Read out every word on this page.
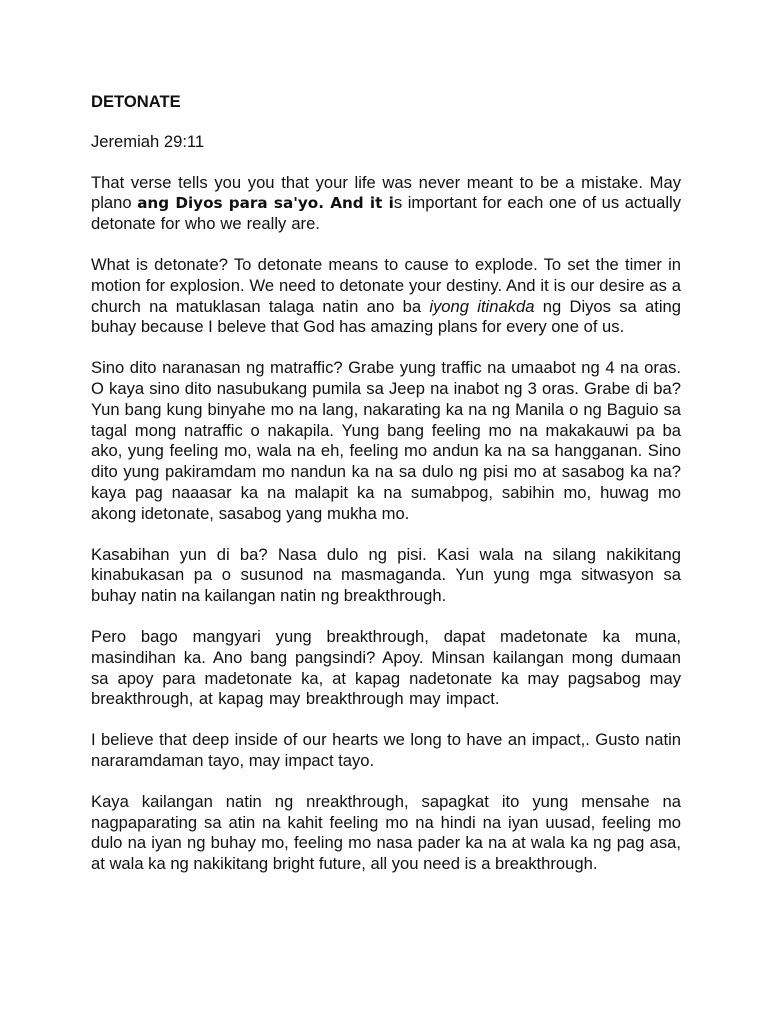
DETONATE
Jeremiah 29:11

That verse tells you you that your life was never meant to be a mistake. May plano ang Diyos para sa'yo. And it is important for each one of us actually detonate for who we really are.

What is detonate? To detonate means to cause to explode. To set the timer in motion for explosion. We need to detonate your destiny. And it is our desire as a church na matuklasan talaga natin ano ba iyong itinakda ng Diyos sa ating buhay because I beleve that God has amazing plans for every one of us.

Sino dito naranasan ng matraffic? Grabe yung traffic na umaabot ng 4 na oras. O kaya sino dito nasubukang pumila sa Jeep na inabot ng 3 oras. Grabe di ba? Yun bang kung binyahe mo na lang, nakarating ka na ng Manila o ng Baguio sa tagal mong natraffic o nakapila. Yung bang feeling mo na makakauwi pa ba ako, yung feeling mo, wala na eh, feeling mo andun ka na sa hangganan. Sino dito yung pakiramdam mo nandun ka na sa dulo ng pisi mo at sasabog ka na? kaya pag naaasar ka na malapit ka na sumabpog, sabihin mo, huwag mo akong idetonate, sasabog yang mukha mo.

Kasabihan yun di ba? Nasa dulo ng pisi. Kasi wala na silang nakikitang kinabukasan pa o susunod na masmaganda. Yun yung mga sitwasyon sa buhay natin na kailangan natin ng breakthrough.

Pero bago mangyari yung breakthrough, dapat madetonate ka muna, masindihan ka. Ano bang pangsindi? Apoy. Minsan kailangan mong dumaan sa apoy para madetonate ka, at kapag nadetonate ka may pagsabog may breakthrough, at kapag may breakthrough may impact.

I believe that deep inside of our hearts we long to have an impact,. Gusto natin nararamdaman tayo, may impact tayo.

Kaya kailangan natin ng nreakthrough, sapagkat ito yung mensahe na nagpaparating sa atin na kahit feeling mo na hindi na iyan uusad, feeling mo dulo na iyan ng buhay mo, feeling mo nasa pader ka na at wala ka ng pag asa, at wala ka ng nakikitang bright future, all you need is a breakthrough.
